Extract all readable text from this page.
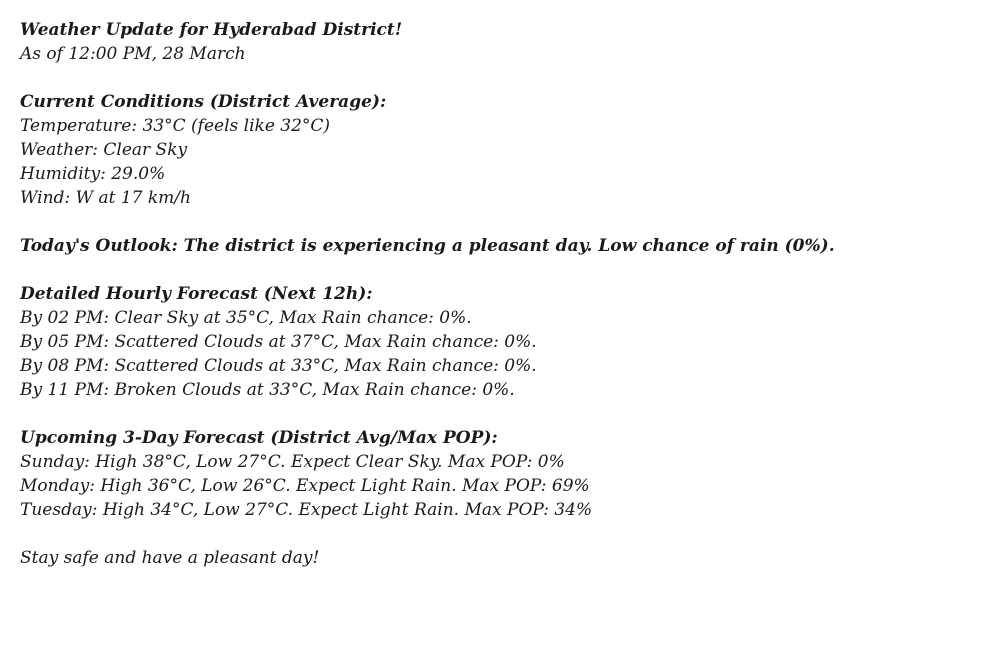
Weather Update for Hyderabad District!
As of 12:00 PM, 28 March
Current Conditions (District Average):
Temperature: 33°C (feels like 32°C)
Weather: Clear Sky
Humidity: 29.0%
Wind: W at 17 km/h
Today's Outlook: The district is experiencing a pleasant day. Low chance of rain (0%).
Detailed Hourly Forecast (Next 12h):
By 02 PM: Clear Sky at 35°C, Max Rain chance: 0%.
By 05 PM: Scattered Clouds at 37°C, Max Rain chance: 0%.
By 08 PM: Scattered Clouds at 33°C, Max Rain chance: 0%.
By 11 PM: Broken Clouds at 33°C, Max Rain chance: 0%.
Upcoming 3-Day Forecast (District Avg/Max POP):
Sunday: High 38°C, Low 27°C. Expect Clear Sky. Max POP: 0%
Monday: High 36°C, Low 26°C. Expect Light Rain. Max POP: 69%
Tuesday: High 34°C, Low 27°C. Expect Light Rain. Max POP: 34%
Stay safe and have a pleasant day!
